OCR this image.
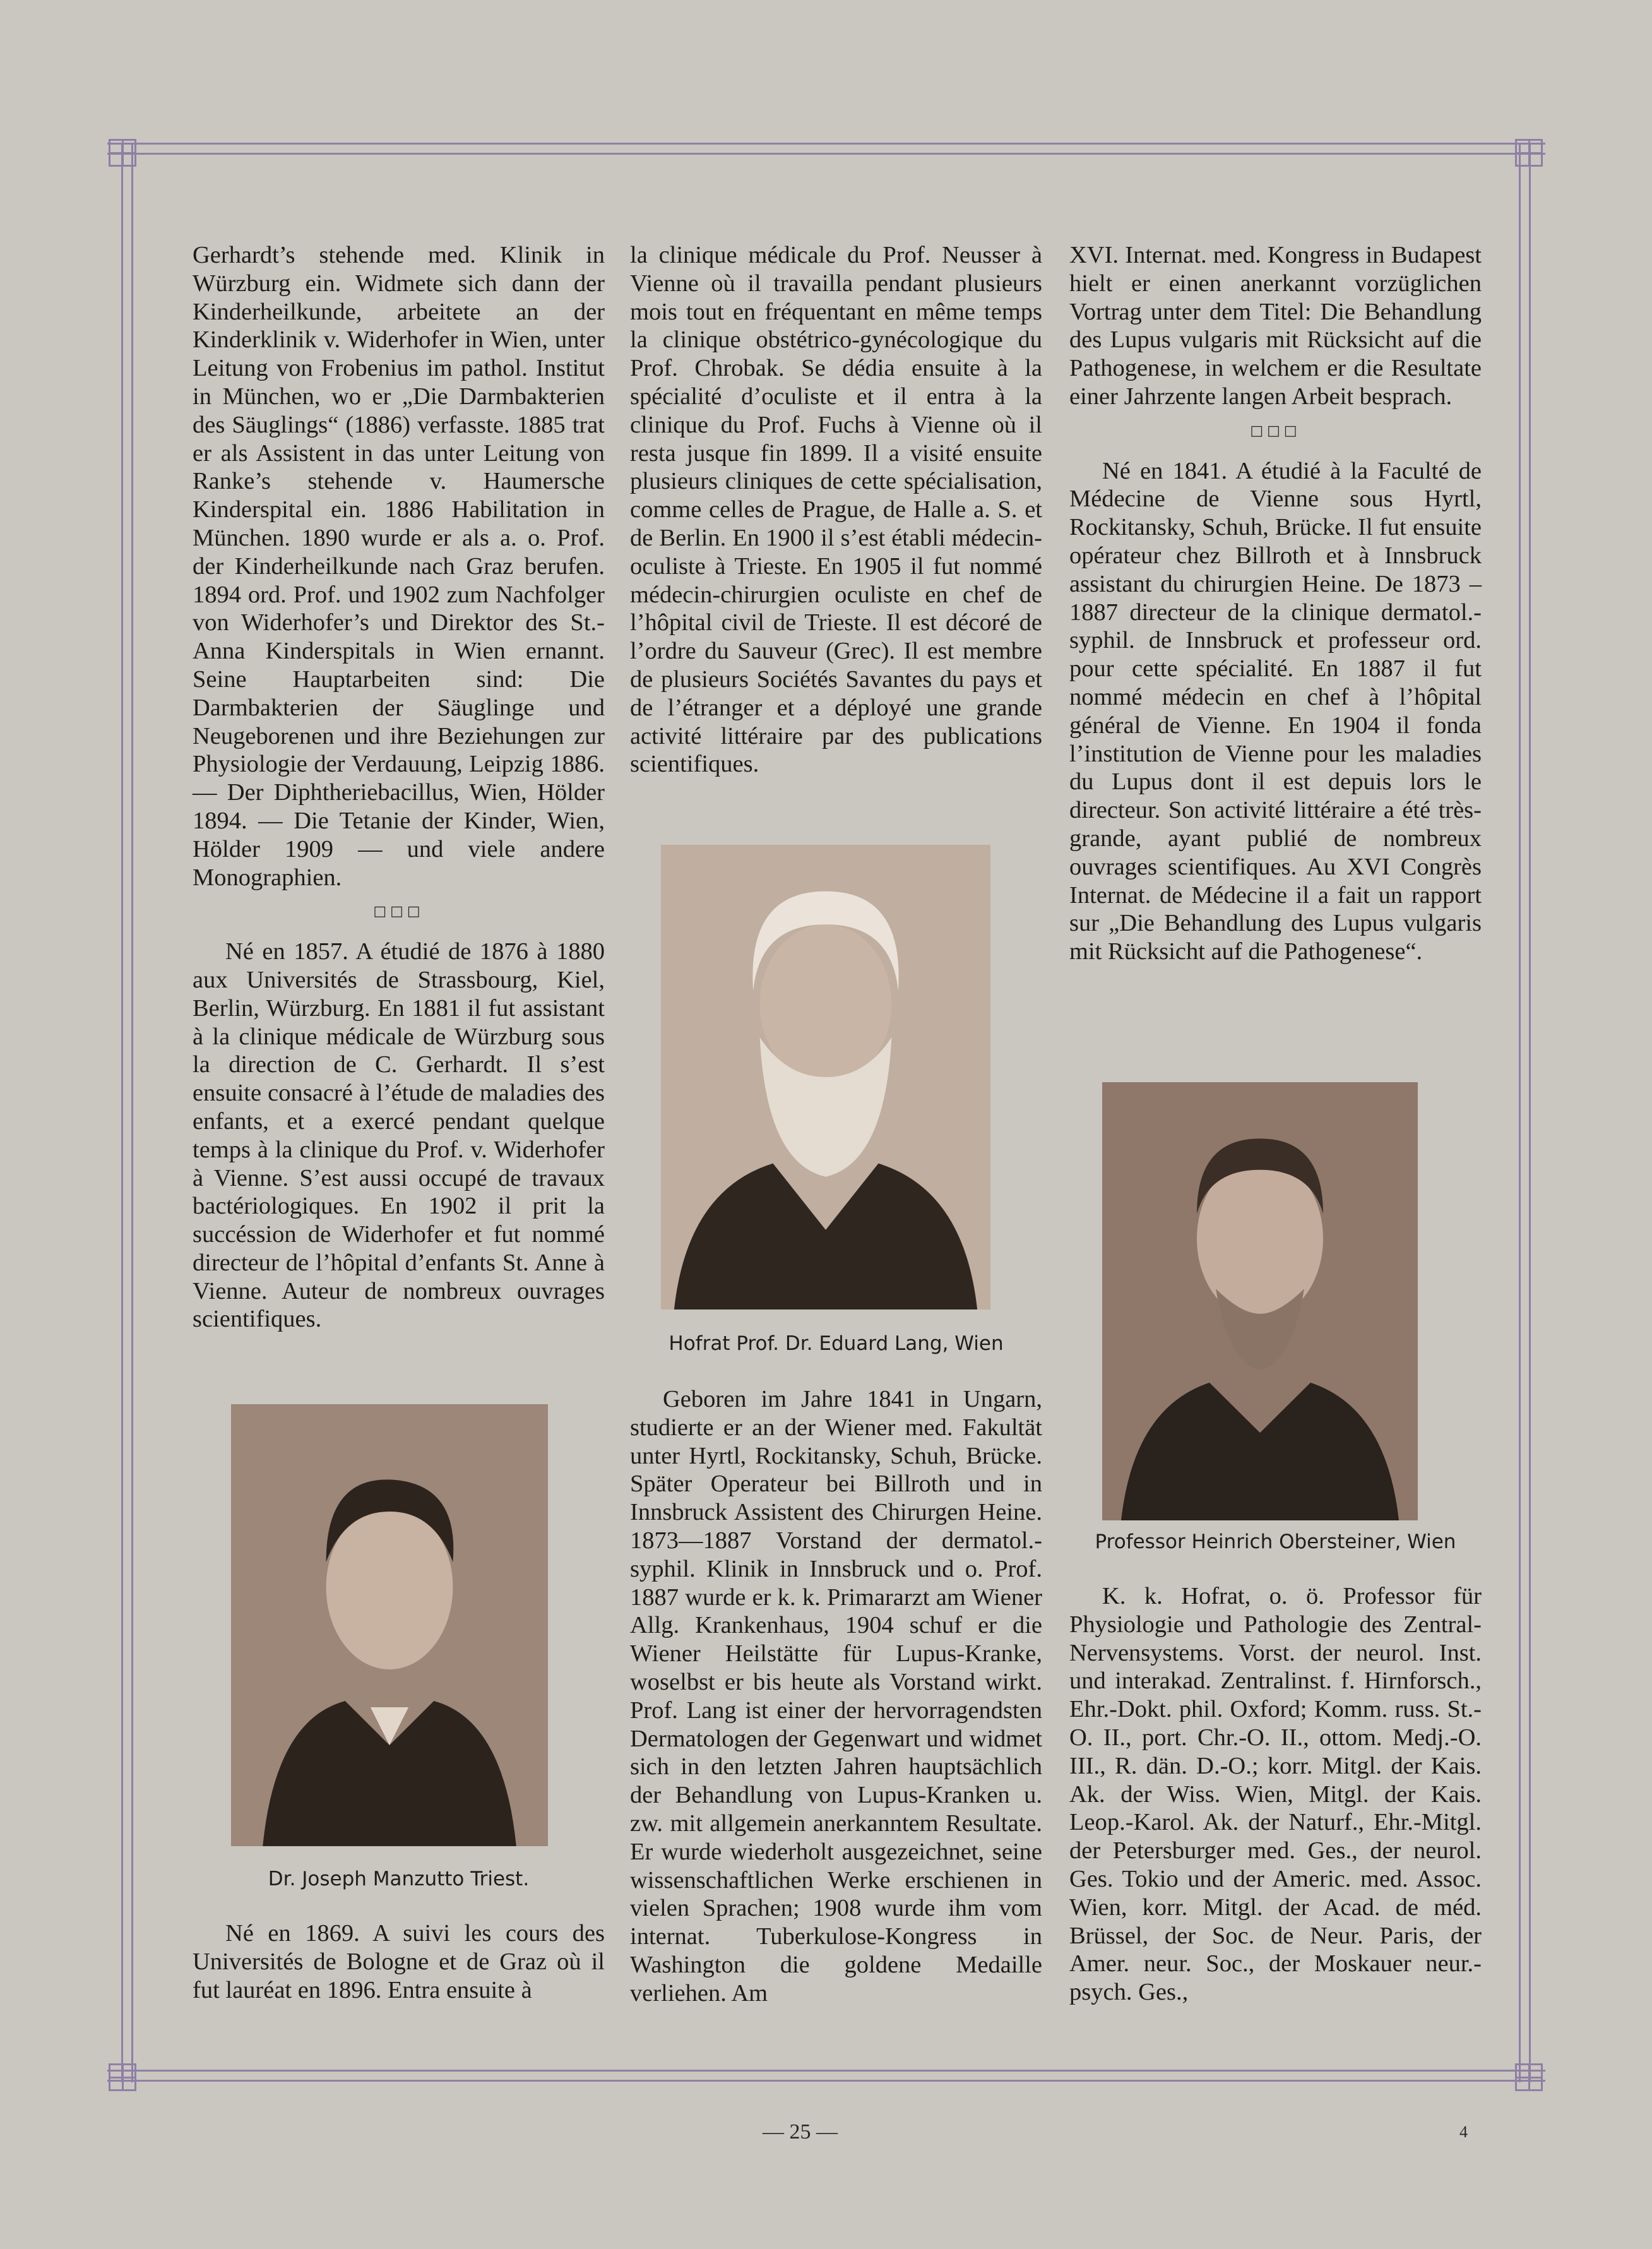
Gerhardt’s stehende med. Klinik in Würzburg ein. Widmete sich dann der Kinderheilkunde, arbeitete an der Kinderklinik v. Widerhofer in Wien, unter Leitung von Frobenius im pathol. Institut in München, wo er „Die Darmbakterien des Säuglings“ (1886) verfasste. 1885 trat er als Assistent in das unter Leitung von Ranke’s stehende v. Haumersche Kinderspital ein. 1886 Habilitation in München. 1890 wurde er als a. o. Prof. der Kinderheilkunde nach Graz berufen. 1894 ord. Prof. und 1902 zum Nachfolger von Widerhofer’s und Direktor des St.-Anna Kinderspitals in Wien ernannt. Seine Hauptarbeiten sind: Die Darmbakterien der Säuglinge und Neugeborenen und ihre Beziehungen zur Physiologie der Verdauung, Leipzig 1886. — Der Diphtheriebacillus, Wien, Hölder 1894. — Die Tetanie der Kinder, Wien, Hölder 1909 — und viele andere Monographien.

□□□

Né en 1857. A étudié de 1876 à 1880 aux Universités de Strassbourg, Kiel, Berlin, Würzburg. En 1881 il fut assistant à la clinique médicale de Würzburg sous la direction de C. Gerhardt. Il s’est ensuite consacré à l’étude de maladies des enfants, et a exercé pendant quelque temps à la clinique du Prof. v. Widerhofer à Vienne. S’est aussi occupé de travaux bactériologiques. En 1902 il prit la succéssion de Widerhofer et fut nommé directeur de l’hôpital d’enfants St. Anne à Vienne. Auteur de nombreux ouvrages scientifiques.

Dr. Joseph Manzutto Triest.

Né en 1869. A suivi les cours des Universités de Bologne et de Graz où il fut lauréat en 1896. Entra ensuite à

la clinique médicale du Prof. Neusser à Vienne où il travailla pendant plusieurs mois tout en fréquentant en même temps la clinique obstétrico-gynécologique du Prof. Chrobak. Se dédia ensuite à la spécialité d’oculiste et il entra à la clinique du Prof. Fuchs à Vienne où il resta jusque fin 1899. Il a visité ensuite plusieurs cliniques de cette spécialisation, comme celles de Prague, de Halle a. S. et de Berlin. En 1900 il s’est établi médecin-oculiste à Trieste. En 1905 il fut nommé médecin-chirurgien oculiste en chef de l’hôpital civil de Trieste. Il est décoré de l’ordre du Sauveur (Grec). Il est membre de plusieurs Sociétés Savantes du pays et de l’étranger et a déployé une grande activité littéraire par des publications scientifiques.

Hofrat Prof. Dr. Eduard Lang, Wien

Geboren im Jahre 1841 in Ungarn, studierte er an der Wiener med. Fakultät unter Hyrtl, Rockitansky, Schuh, Brücke. Später Operateur bei Billroth und in Innsbruck Assistent des Chirurgen Heine. 1873—1887 Vorstand der dermatol.-syphil. Klinik in Innsbruck und o. Prof. 1887 wurde er k. k. Primararzt am Wiener Allg. Krankenhaus, 1904 schuf er die Wiener Heilstätte für Lupus-Kranke, woselbst er bis heute als Vorstand wirkt. Prof. Lang ist einer der hervorragendsten Dermatologen der Gegenwart und widmet sich in den letzten Jahren hauptsächlich der Behandlung von Lupus-Kranken u. zw. mit allgemein anerkanntem Resultate. Er wurde wiederholt ausgezeichnet, seine wissenschaftlichen Werke erschienen in vielen Sprachen; 1908 wurde ihm vom internat. Tuberkulose-Kongress in Washington die goldene Medaille verliehen. Am

XVI. Internat. med. Kongress in Budapest hielt er einen anerkannt vorzüglichen Vortrag unter dem Titel: Die Behandlung des Lupus vulgaris mit Rücksicht auf die Pathogenese, in welchem er die Resultate einer Jahrzente langen Arbeit besprach.

□□□

Né en 1841. A étudié à la Faculté de Médecine de Vienne sous Hyrtl, Rockitansky, Schuh, Brücke. Il fut ensuite opérateur chez Billroth et à Innsbruck assistant du chirurgien Heine. De 1873 – 1887 directeur de la clinique dermatol.-syphil. de Innsbruck et professeur ord. pour cette spécialité. En 1887 il fut nommé médecin en chef à l’hôpital général de Vienne. En 1904 il fonda l’institution de Vienne pour les maladies du Lupus dont il est depuis lors le directeur. Son activité littéraire a été très-grande, ayant publié de nombreux ouvrages scientifiques. Au XVI Congrès Internat. de Médecine il a fait un rapport sur „Die Behandlung des Lupus vulgaris mit Rücksicht auf die Pathogenese“.

Professor Heinrich Obersteiner, Wien

K. k. Hofrat, o. ö. Professor für Physiologie und Pathologie des Zentral-Nervensystems. Vorst. der neurol. Inst. und interakad. Zentralinst. f. Hirnforsch., Ehr.-Dokt. phil. Oxford; Komm. russ. St.-O. II., port. Chr.-O. II., ottom. Medj.-O. III., R. dän. D.-O.; korr. Mitgl. der Kais. Ak. der Wiss. Wien, Mitgl. der Kais. Leop.-Karol. Ak. der Naturf., Ehr.-Mitgl. der Petersburger med. Ges., der neurol. Ges. Tokio und der Americ. med. Assoc. Wien, korr. Mitgl. der Acad. de méd. Brüssel, der Soc. de Neur. Paris, der Amer. neur. Soc., der Moskauer neur.-psych. Ges.,

— 25 —	4
